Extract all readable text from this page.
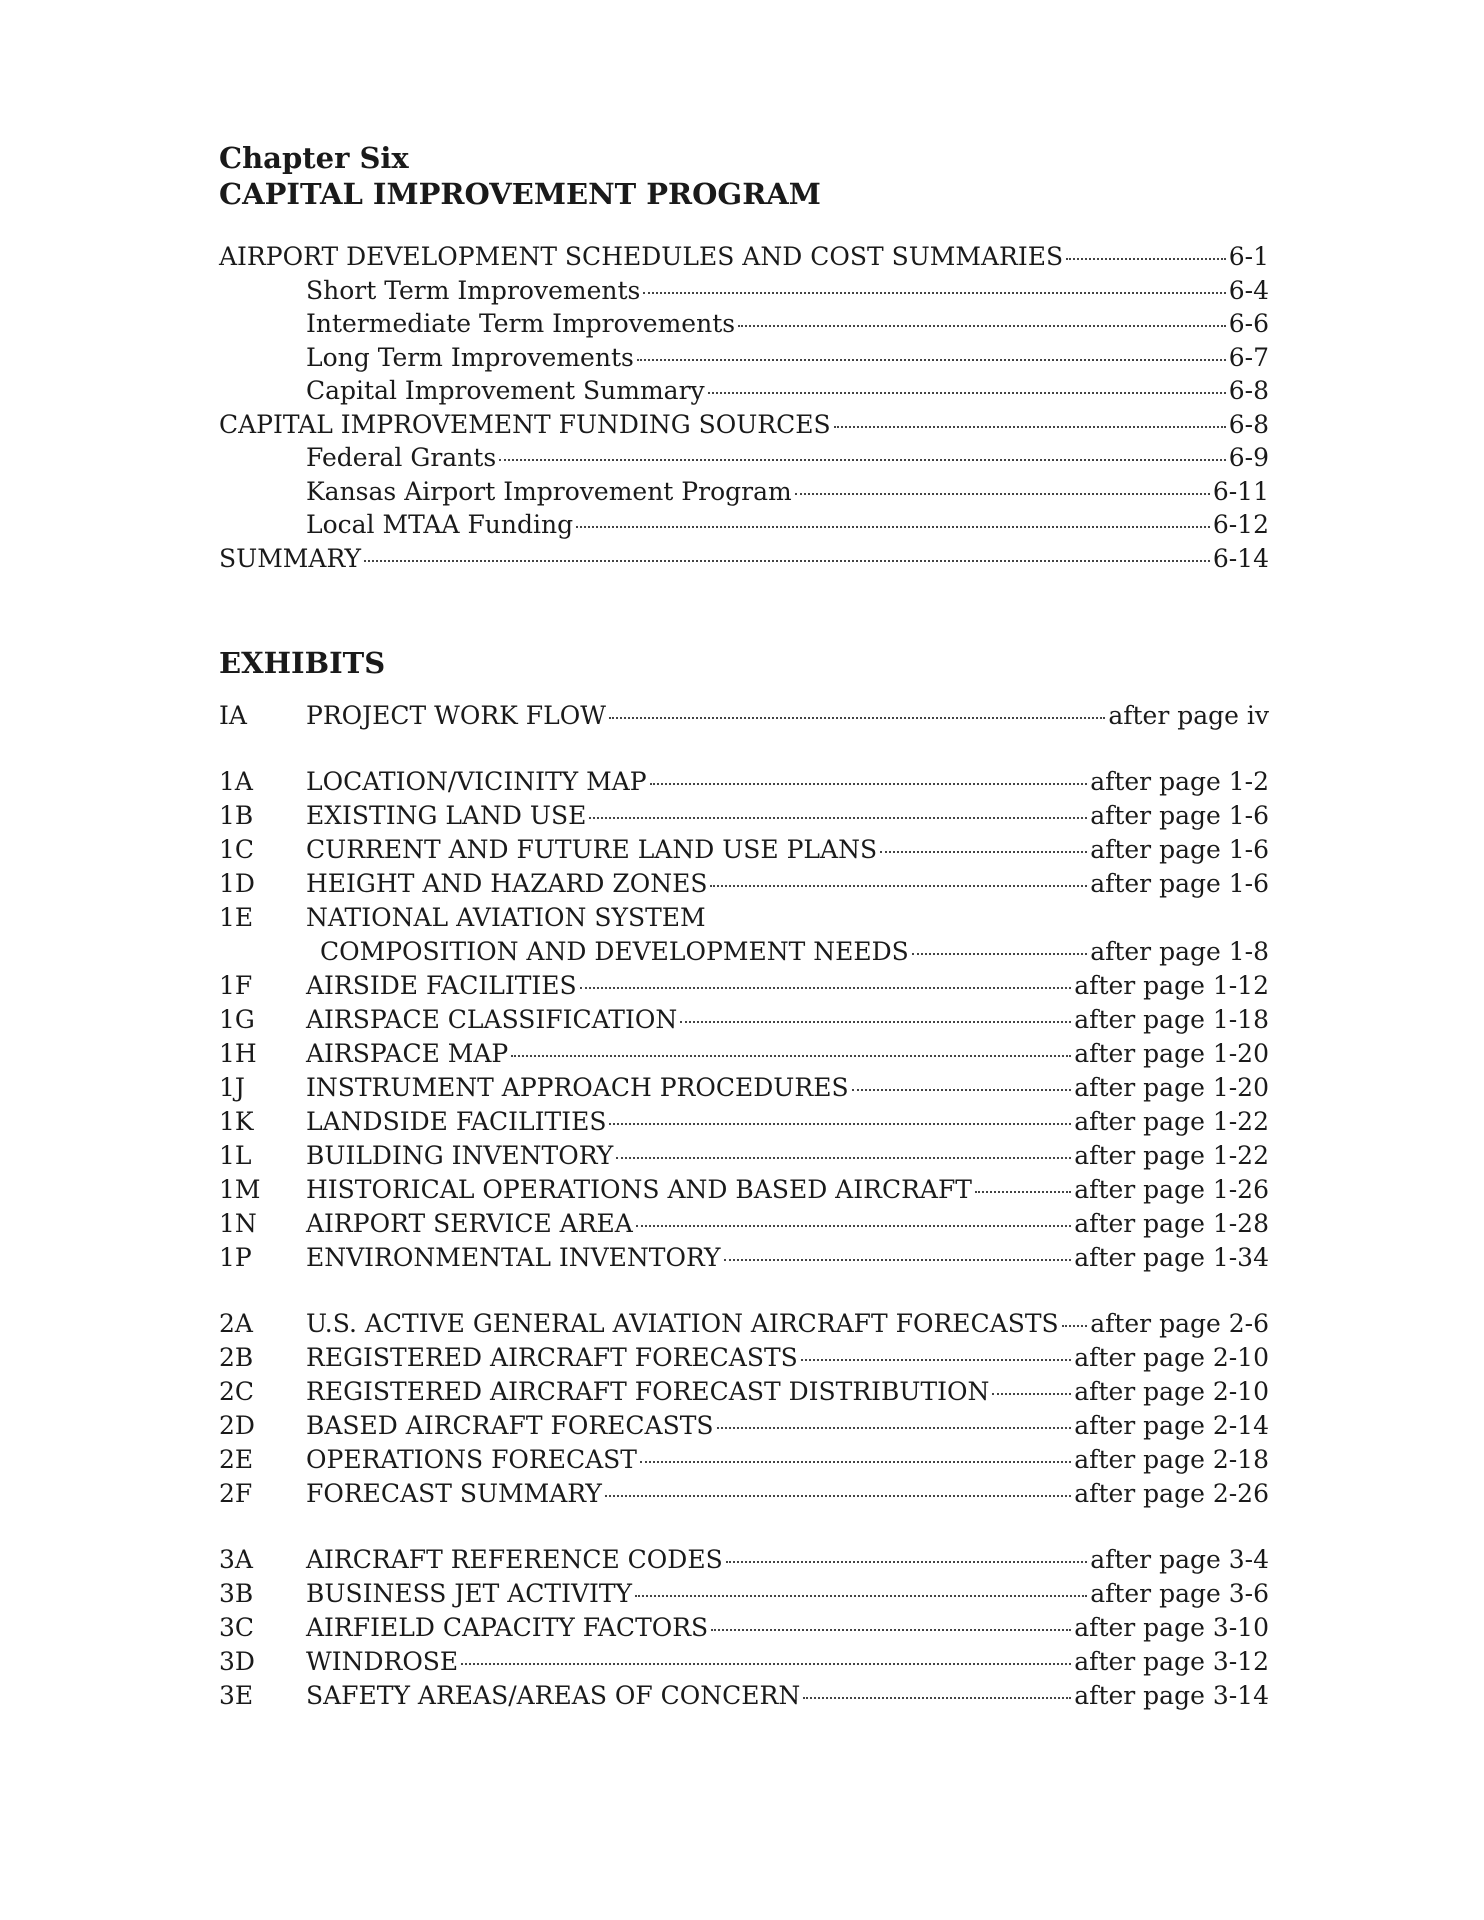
Chapter Six
CAPITAL IMPROVEMENT PROGRAM
AIRPORT DEVELOPMENT SCHEDULES AND COST SUMMARIES	6-1
Short Term Improvements	6-4
Intermediate Term Improvements	6-6
Long Term Improvements	6-7
Capital Improvement Summary	6-8
CAPITAL IMPROVEMENT FUNDING SOURCES	6-8
Federal Grants	6-9
Kansas Airport Improvement Program	6-11
Local MTAA Funding	6-12
SUMMARY	6-14
EXHIBITS
IA	PROJECT WORK FLOW	after page iv
1A	LOCATION/VICINITY MAP	after page 1-2
1B	EXISTING LAND USE	after page 1-6
1C	CURRENT AND FUTURE LAND USE PLANS	after page 1-6
1D	HEIGHT AND HAZARD ZONES	after page 1-6
1E	NATIONAL AVIATION SYSTEM
COMPOSITION AND DEVELOPMENT NEEDS	after page 1-8
1F	AIRSIDE FACILITIES	after page 1-12
1G	AIRSPACE CLASSIFICATION	after page 1-18
1H	AIRSPACE MAP	after page 1-20
1J	INSTRUMENT APPROACH PROCEDURES	after page 1-20
1K	LANDSIDE FACILITIES	after page 1-22
1L	BUILDING INVENTORY	after page 1-22
1M	HISTORICAL OPERATIONS AND BASED AIRCRAFT	after page 1-26
1N	AIRPORT SERVICE AREA	after page 1-28
1P	ENVIRONMENTAL INVENTORY	after page 1-34
2A	U.S. ACTIVE GENERAL AVIATION AIRCRAFT FORECASTS after page 2-6
2B	REGISTERED AIRCRAFT FORECASTS	after page 2-10
2C	REGISTERED AIRCRAFT FORECAST DISTRIBUTION	after page 2-10
2D	BASED AIRCRAFT FORECASTS	after page 2-14
2E	OPERATIONS FORECAST	after page 2-18
2F	FORECAST SUMMARY	after page 2-26
3A	AIRCRAFT REFERENCE CODES	after page 3-4
3B	BUSINESS JET ACTIVITY	after page 3-6
3C	AIRFIELD CAPACITY FACTORS	after page 3-10
3D	WINDROSE	after page 3-12
3E	SAFETY AREAS/AREAS OF CONCERN	after page 3-14
